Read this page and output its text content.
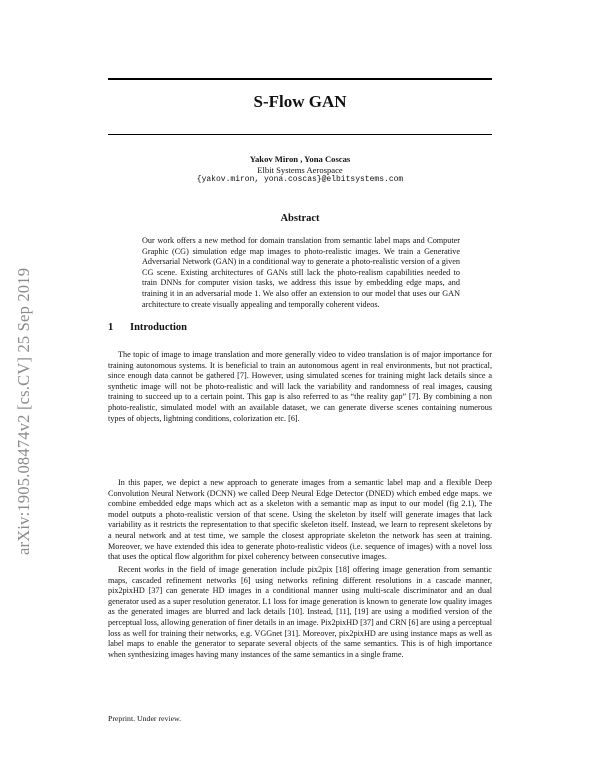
arXiv:1905.08474v2 [cs.CV] 25 Sep 2019
S-Flow GAN
Yakov Miron , Yona Coscas
Elbit Systems Aerospace
{yakov.miron, yona.coscas}@elbitsystems.com
Abstract
Our work offers a new method for domain translation from semantic label maps and Computer Graphic (CG) simulation edge map images to photo-realistic images. We train a Generative Adversarial Network (GAN) in a conditional way to generate a photo-realistic version of a given CG scene. Existing architectures of GANs still lack the photo-realism capabilities needed to train DNNs for computer vision tasks, we address this issue by embedding edge maps, and training it in an adversarial mode 1. We also offer an extension to our model that uses our GAN architecture to create visually appealing and temporally coherent videos.
1 Introduction
The topic of image to image translation and more generally video to video translation is of major importance for training autonomous systems. It is beneficial to train an autonomous agent in real environments, but not practical, since enough data cannot be gathered [7]. However, using simulated scenes for training might lack details since a synthetic image will not be photo-realistic and will lack the variability and randomness of real images, causing training to succeed up to a certain point. This gap is also referred to as “the reality gap” [7]. By combining a non photo-realistic, simulated model with an available dataset, we can generate diverse scenes containing numerous types of objects, lightning conditions, colorization etc. [6].
In this paper, we depict a new approach to generate images from a semantic label map and a flexible Deep Convolution Neural Network (DCNN) we called Deep Neural Edge Detector (DNED) which embed edge maps. we combine embedded edge maps which act as a skeleton with a semantic map as input to our model (fig 2.1), The model outputs a photo-realistic version of that scene. Using the skeleton by itself will generate images that lack variability as it restricts the representation to that specific skeleton itself. Instead, we learn to represent skeletons by a neural network and at test time, we sample the closest appropriate skeleton the network has seen at training. Moreover, we have extended this idea to generate photo-realistic videos (i.e. sequence of images) with a novel loss that uses the optical flow algorithm for pixel coherency between consecutive images.
Recent works in the field of image generation include pix2pix [18] offering image generation from semantic maps, cascaded refinement networks [6] using networks refining different resolutions in a cascade manner, pix2pixHD [37] can generate HD images in a conditional manner using multi-scale discriminator and an dual generator used as a super resolution generator. L1 loss for image generation is known to generate low quality images as the generated images are blurred and lack details [10]. Instead, [11], [19] are using a modified version of the perceptual loss, allowing generation of finer details in an image. Pix2pixHD [37] and CRN [6] are using a perceptual loss as well for training their networks, e.g. VGGnet [31]. Moreover, pix2pixHD are using instance maps as well as label maps to enable the generator to separate several objects of the same semantics. This is of high importance when synthesizing images having many instances of the same semantics in a single frame.
Preprint. Under review.
